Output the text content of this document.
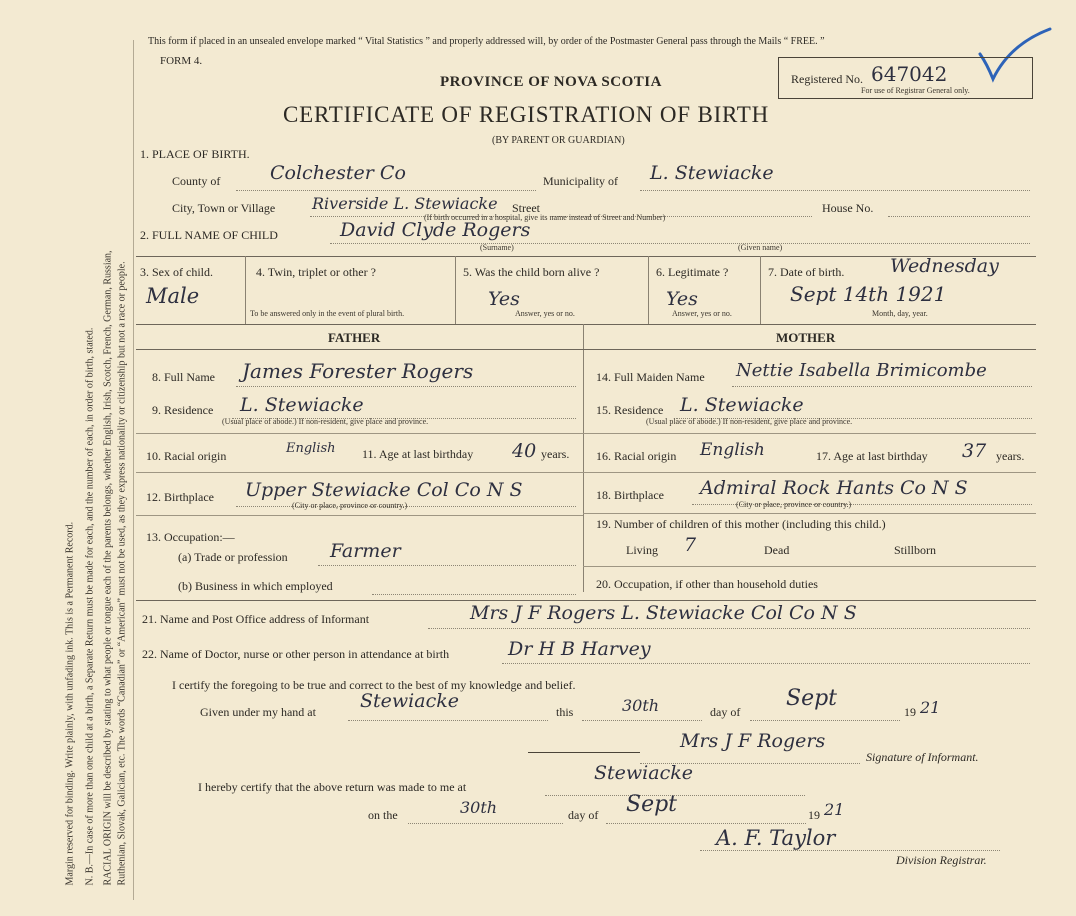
Margin reserved for binding. Write plainly, with unfading ink. This is a Permanent Record. N. B.—In case of more than one child at a birth, a Separate Return must be made for each, and the number of each, in order of birth, stated. RACIAL ORIGIN will be described by stating to what people or tongue each of the parents belongs, whether English, Irish, Scotch, French, German, Russian, Ruthenian, Slovak, Galician, etc. The words “Canadian” or “American” must not be used, as they express nationality or citizenship but not a race or people.
This form if placed in an unsealed envelope marked “ Vital Statistics ” and properly addressed will, by order of the Postmaster General pass through the Mails “ FREE. ”
FORM 4.
PROVINCE OF NOVA SCOTIA	Registered No. 647042
For use of Registrar General only.
CERTIFICATE OF REGISTRATION OF BIRTH
(BY PARENT OR GUARDIAN)
1. PLACE OF BIRTH.
County of	Colchester Co	Municipality of L. Stewiacke
City, Town or Village Riverside L. Stewiacke Street	House No.
(If birth occurred in a hospital, give its name instead of Street and Number)
2. FULL NAME OF CHILD	David Clyde Rogers
(Surname)	(Given name)
3. Sex of child.
Male
4. Twin, triplet or other ?
To be answered only in the event of plural birth.
5. Was the child born alive ?
Yes
Answer, yes or no.
6. Legitimate ?
Yes
Answer, yes or no.
7. Date of birth. Wednesday
Sept 14th 1921
Month, day, year.
FATHER	MOTHER
8. Full Name James Forester Rogers
9. Residence L. Stewiacke
(Usual place of abode.) If non-resident, give place and province.
10. Racial origin	English 11. Age at last birthday 40 years.
12. Birthplace Upper Stewiacke Col Co N S
(City or place, province or country.)
13. Occupation:—
(a) Trade or profession Farmer
(b) Business in which employed
14. Full Maiden Name Nettie Isabella Brimicombe
15. Residence L. Stewiacke
(Usual place of abode.) If non-resident, give place and province.
16. Racial origin English	17. Age at last birthday 37 years.
18. Birthplace Admiral Rock Hants Co N S
(City or place, province or country.)
19. Number of children of this mother (including this child.)
Living 7	Dead	Stillborn
20. Occupation, if other than household duties
21. Name and Post Office address of Informant	Mrs J F Rogers L. Stewiacke Col Co N S
22. Name of Doctor, nurse or other person in attendance at birth	Dr H B Harvey
I certify the foregoing to be true and correct to the best of my knowledge and belief.
Given under my hand at Stewiacke	this	30th	day of
Sept
19 21
Mrs J F Rogers
Signature of Informant.
I hereby certify that the above return was made to me at
Stewiacke
on the	30th	day of Sept	19 21
A. F. Taylor
Division Registrar.
